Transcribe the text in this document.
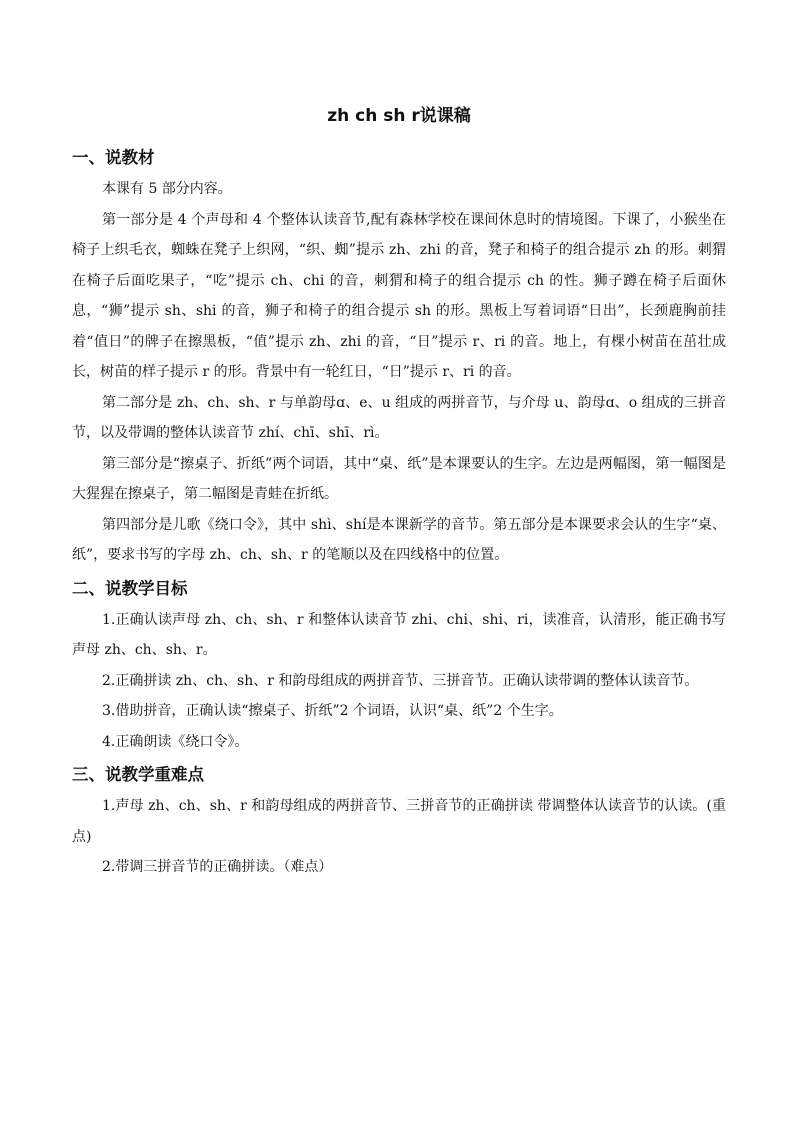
zh ch sh r说课稿
一、说教材

本课有 5 部分内容。

第一部分是 4 个声母和 4 个整体认读音节,配有森林学校在课间休息时的情境图。下课了，小猴坐在椅子上织毛衣，蜘蛛在凳子上织网，“织、蜘”提示 zh、zhi 的音，凳子和椅子的组合提示 zh 的形。刺猬在椅子后面吃果子，“吃”提示 ch、chi 的音，刺猬和椅子的组合提示 ch 的性。狮子蹲在椅子后面休息，“狮”提示 sh、shi 的音，狮子和椅子的组合提示 sh 的形。黑板上写着词语“日出”，长颈鹿胸前挂着“值日”的牌子在擦黑板，“值”提示 zh、zhi 的音，“日”提示 r、ri 的音。地上，有棵小树苗在茁壮成长，树苗的样子提示 r 的形。背景中有一轮红日，“日”提示 r、ri 的音。

第二部分是 zh、ch、sh、r 与单韵母ɑ、e、u 组成的两拼音节，与介母 u、韵母ɑ、o 组成的三拼音节，以及带调的整体认读音节 zhí、chī、shī、rì。

第三部分是“擦桌子、折纸”两个词语，其中“桌、纸”是本课要认的生字。左边是两幅图，第一幅图是大猩猩在擦桌子，第二幅图是青蛙在折纸。

第四部分是儿歌《绕口令》，其中 shì、shí是本课新学的音节。第五部分是本课要求会认的生字“桌、纸”，要求书写的字母 zh、ch、sh、r 的笔顺以及在四线格中的位置。

二、说教学目标

1.正确认读声母 zh、ch、sh、r 和整体认读音节 zhi、chi、shi、ri，读准音，认清形，能正确书写声母 zh、ch、sh、r。

2.正确拼读 zh、ch、sh、r 和韵母组成的两拼音节、三拼音节。正确认读带调的整体认读音节。

3.借助拼音，正确认读“擦桌子、折纸”2 个词语，认识“桌、纸”2 个生字。

4.正确朗读《绕口令》。

三、说教学重难点

1.声母 zh、ch、sh、r 和韵母组成的两拼音节、三拼音节的正确拼读 带调整体认读音节的认读。(重点)

2.带调三拼音节的正确拼读。（难点）
